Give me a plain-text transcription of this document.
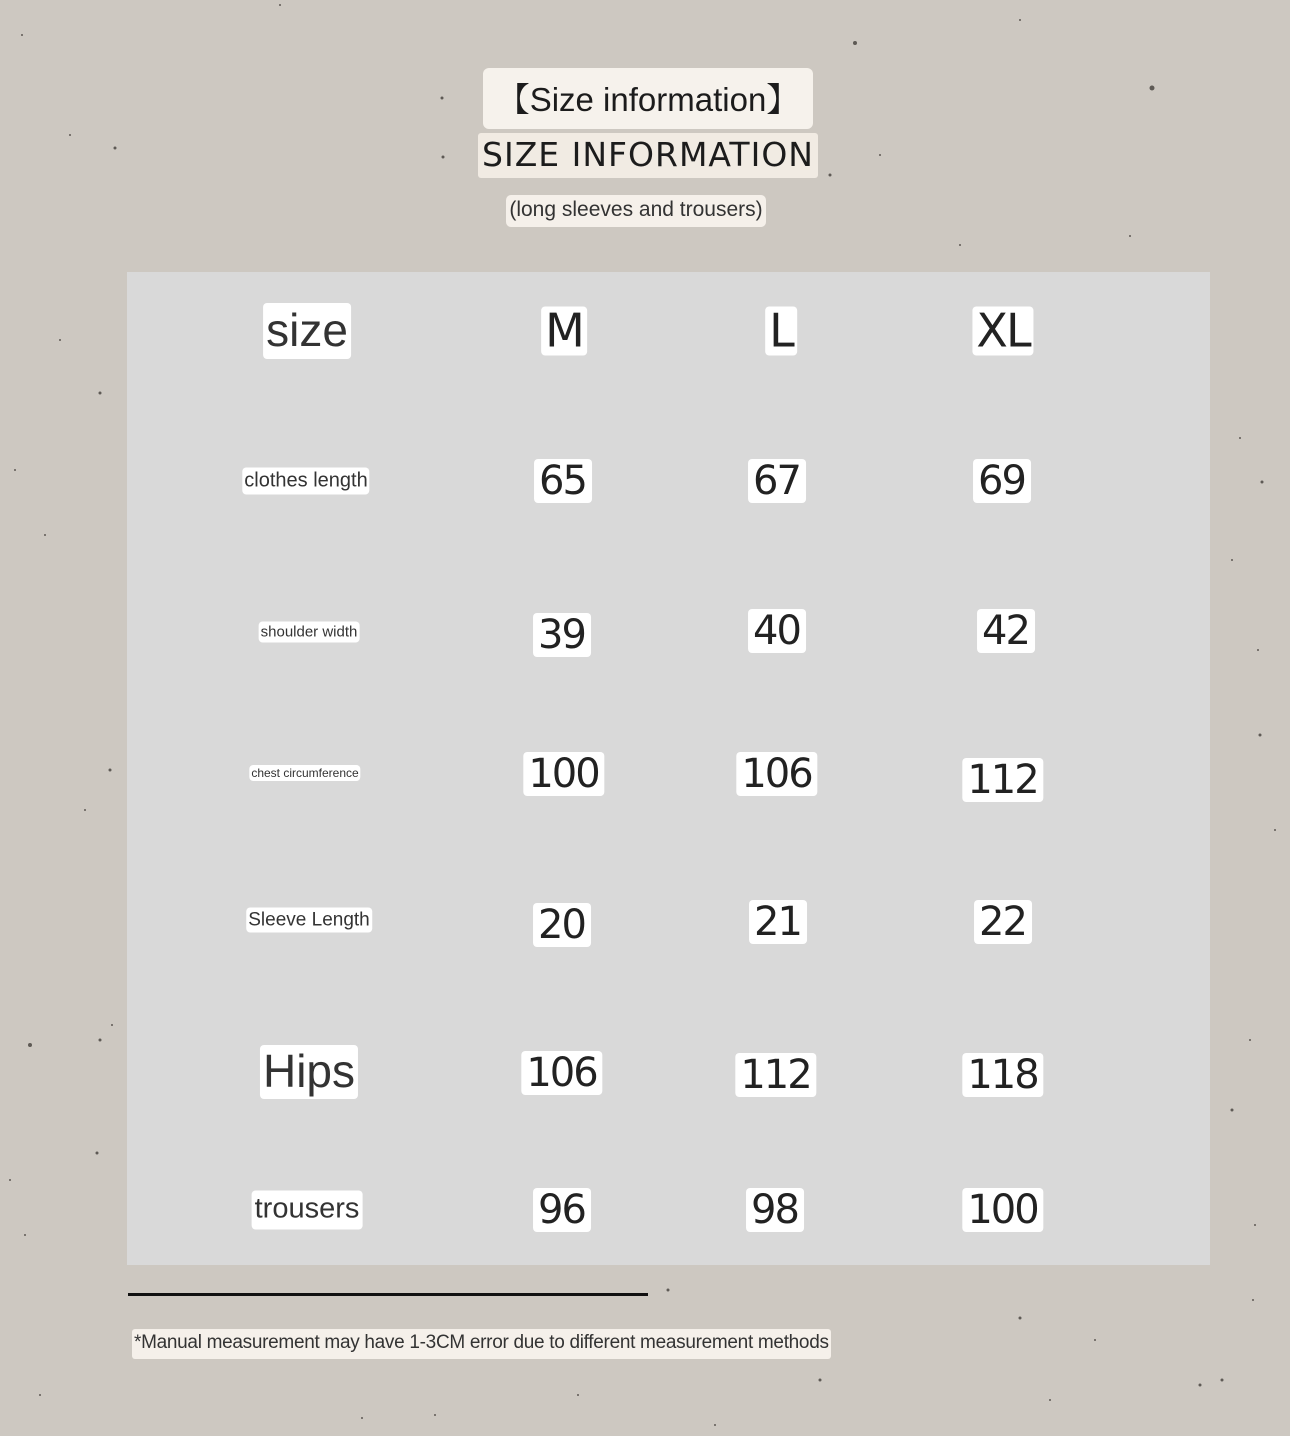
【Size information】
SIZE INFORMATION
(long sleeves and trousers)
size	M	L	XL
clothes length	65	67	69
shoulder width	39	40	42
chest circumference	100	106	112
Sleeve Length	20	21	22
Hips	106	112	118
trousers	96	98	100
*Manual measurement may have 1-3CM error due to different measurement methods
